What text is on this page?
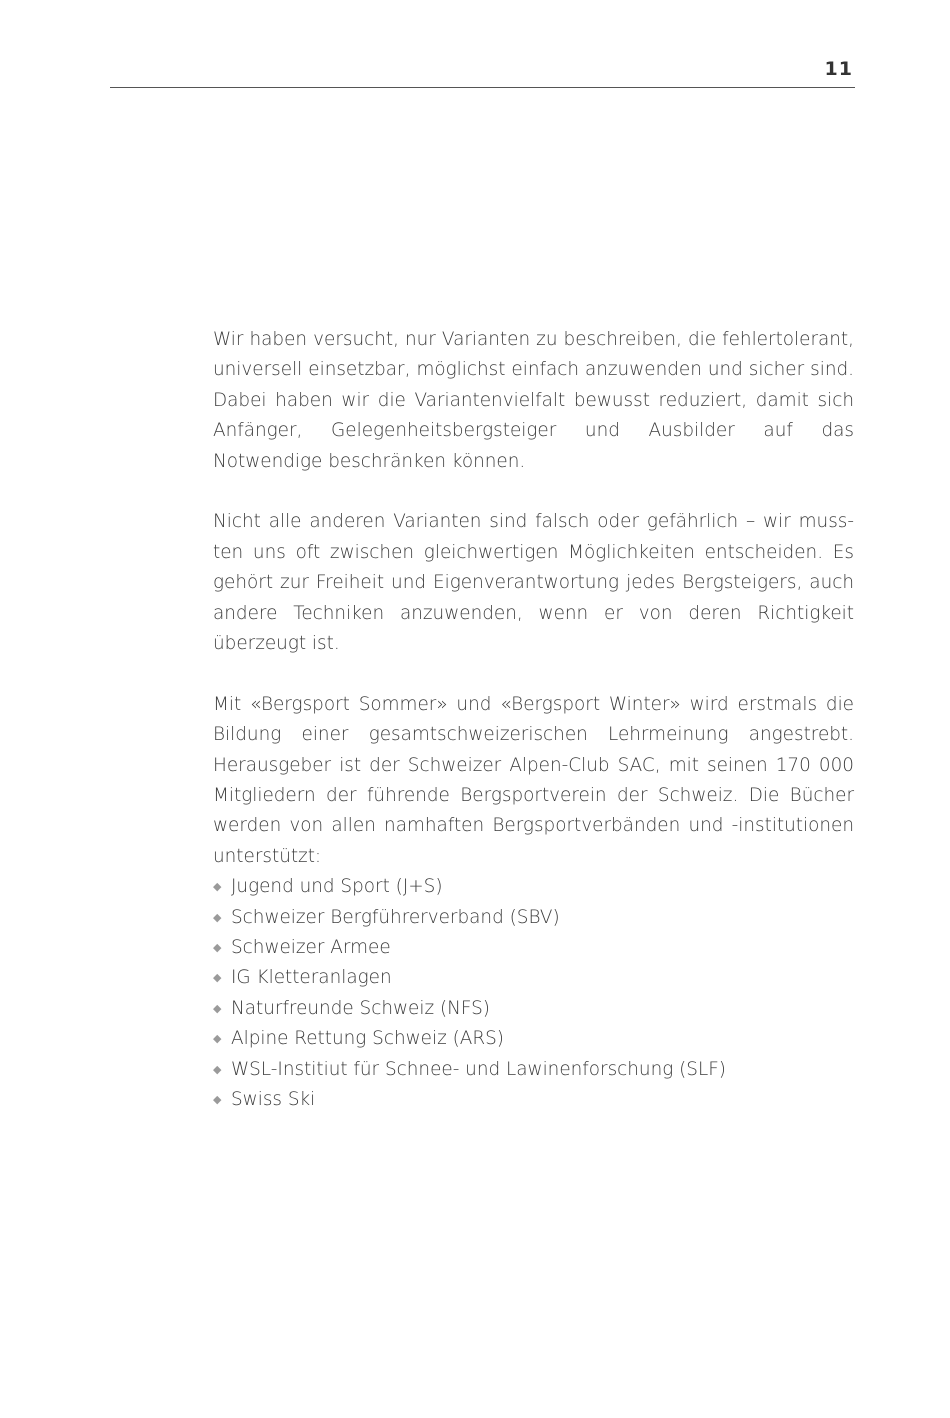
11

Wir haben versucht, nur Varianten zu beschreiben, die fehlertolerant, universell einsetzbar, möglichst einfach anzuwenden und sicher sind. Dabei haben wir die Variantenvielfalt bewusst reduziert, damit sich Anfänger, Gelegenheitsbergsteiger und Ausbilder auf das Notwendige beschränken können.

Nicht alle anderen Varianten sind falsch oder gefährlich – wir mussten uns oft zwischen gleichwertigen Möglichkeiten entscheiden. Es gehört zur Freiheit und Eigenverantwortung jedes Bergsteigers, auch andere Techniken anzuwenden, wenn er von deren Richtigkeit überzeugt ist.

Mit «Bergsport Sommer» und «Bergsport Winter» wird erstmals die Bildung einer gesamtschweizerischen Lehrmeinung angestrebt. Herausgeber ist der Schweizer Alpen-Club SAC, mit seinen 170 000 Mitgliedern der führende Bergsportverein der Schweiz. Die Bücher werden von allen namhaften Bergsportverbänden und -institutionen unterstützt:

◆ Jugend und Sport (J+S)
◆ Schweizer Bergführerverband (SBV)
◆ Schweizer Armee
◆ IG Kletteranlagen
◆ Naturfreunde Schweiz (NFS)
◆ Alpine Rettung Schweiz (ARS)
◆ WSL-Institiut für Schnee- und Lawinenforschung (SLF)
◆ Swiss Ski
